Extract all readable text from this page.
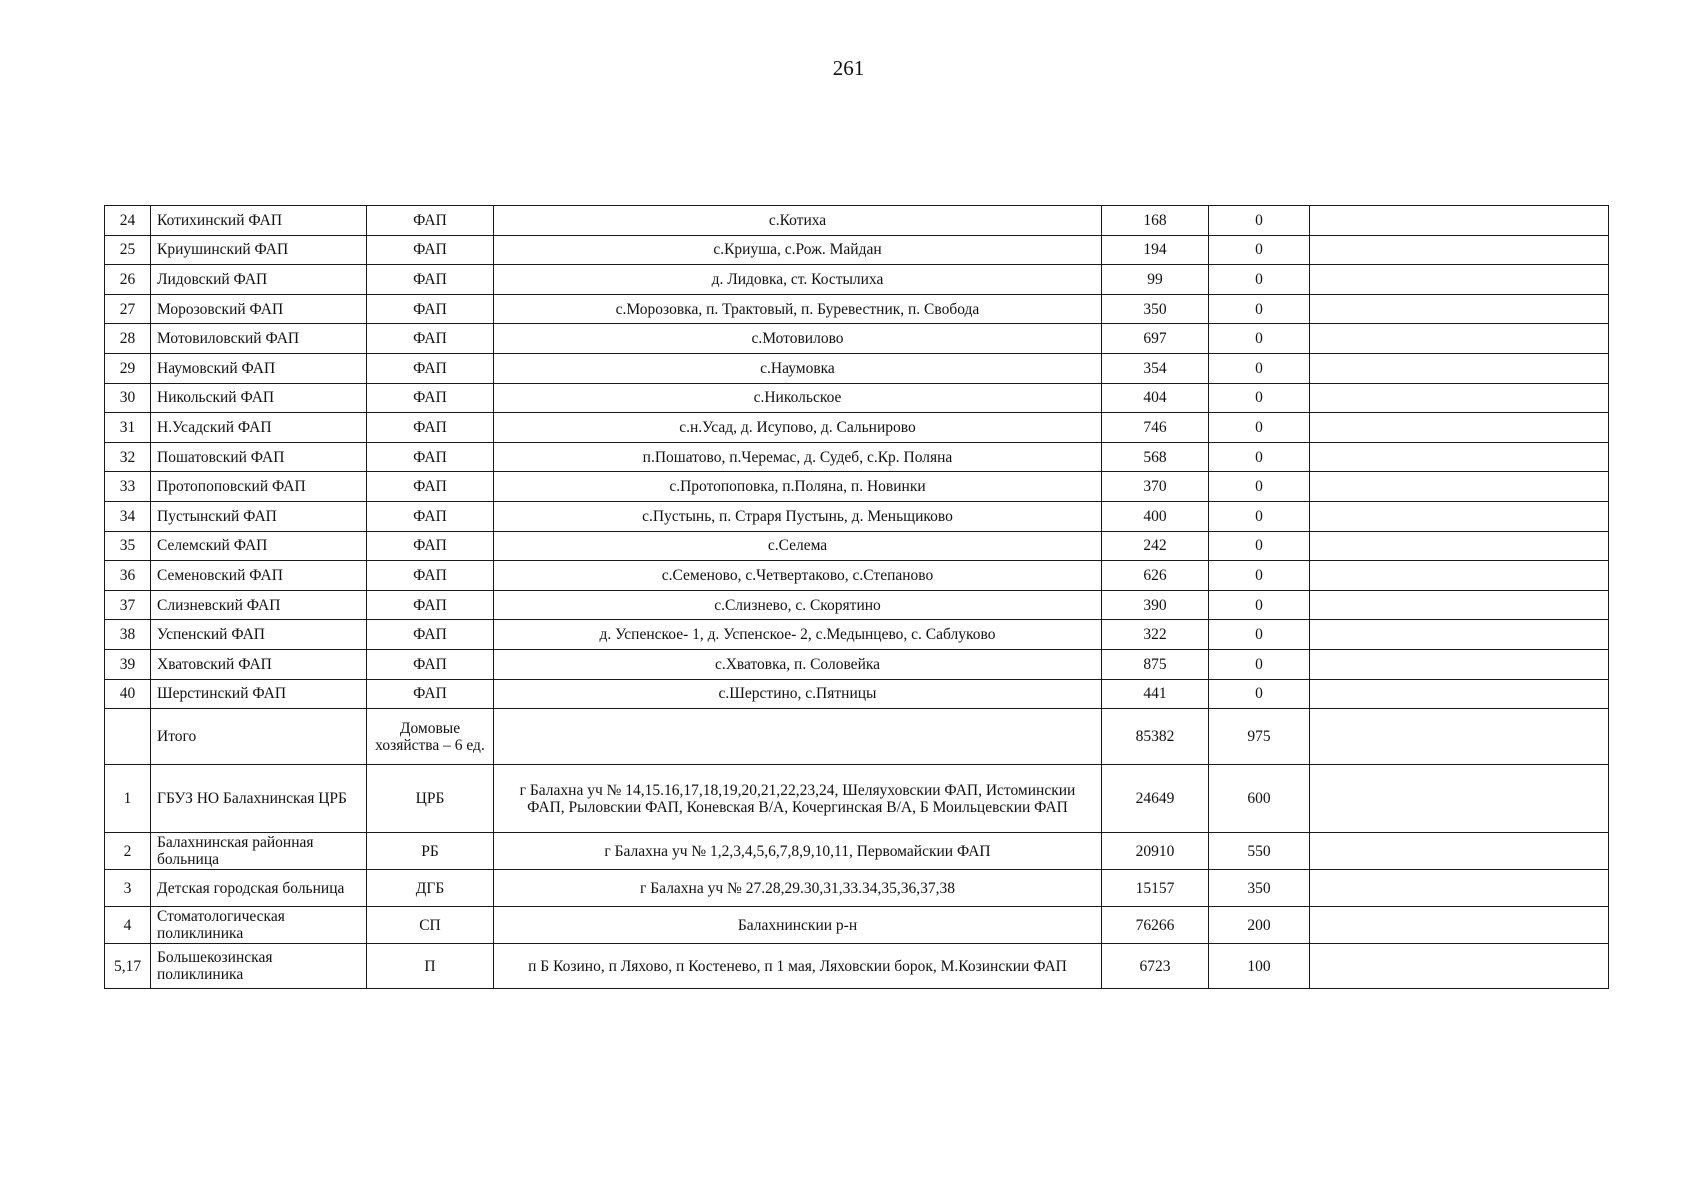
261
24	Котихинский ФАП	ФАП	с.Котиха	168	0	
25	Криушинский ФАП	ФАП	с.Криуша, с.Рож. Майдан	194	0	
26	Лидовский ФАП	ФАП	д. Лидовка, ст. Костылиха	99	0	
27	Морозовский ФАП	ФАП	с.Морозовка, п. Трактовый, п. Буревестник, п. Свобода	350	0	
28	Мотовиловский ФАП	ФАП	с.Мотовилово	697	0	
29	Наумовский ФАП	ФАП	с.Наумовка	354	0	
30	Никольский ФАП	ФАП	с.Никольское	404	0	
31	Н.Усадский ФАП	ФАП	с.н.Усад, д. Исупово, д. Сальнирово	746	0	
32	Пошатовский ФАП	ФАП	п.Пошатово, п.Черемас, д. Судеб, с.Кр. Поляна	568	0	
33	Протопоповский ФАП	ФАП	с.Протопоповка, п.Поляна, п. Новинки	370	0	
34	Пустынский ФАП	ФАП	с.Пустынь, п. Страря Пустынь, д. Меньщиково	400	0	
35	Селемский ФАП	ФАП	с.Селема	242	0	
36	Семеновский ФАП	ФАП	с.Семеново, с.Четвертаково, с.Степаново	626	0	
37	Слизневский ФАП	ФАП	с.Слизнево, с. Скорятино	390	0	
38	Успенский ФАП	ФАП	д. Успенское- 1, д. Успенское- 2, с.Медынцево, с. Саблуково	322	0	
39	Хватовский ФАП	ФАП	с.Хватовка, п. Соловейка	875	0	
40	Шерстинский ФАП	ФАП	с.Шерстино, с.Пятницы	441	0	
	Итого	Домовые хозяйства – 6 ед.		85382	975	
1	ГБУЗ НО Балахнинская ЦРБ	ЦРБ	г Балахна уч № 14,15.16,17,18,19,20,21,22,23,24, Шеляуховскии ФАП, Истоминскии ФАП, Рыловскии ФАП, Коневская В/А, Кочергинская В/А, Б Моильцевскии ФАП	24649	600	
2	Балахнинская районная больница	РБ	г Балахна уч № 1,2,3,4,5,6,7,8,9,10,11, Первомайскии ФАП	20910	550	
3	Детская городская больница	ДГБ	г Балахна уч № 27.28,29.30,31,33.34,35,36,37,38	15157	350	
4	Стоматологическая поликлиника	СП	Балахнинскии р-н	76266	200	
5,17	Большекозинская поликлиника	П	п Б Козино, п Ляхово, п Костенево, п 1 мая, Ляховскии борок, М.Козинскии ФАП	6723	100	
